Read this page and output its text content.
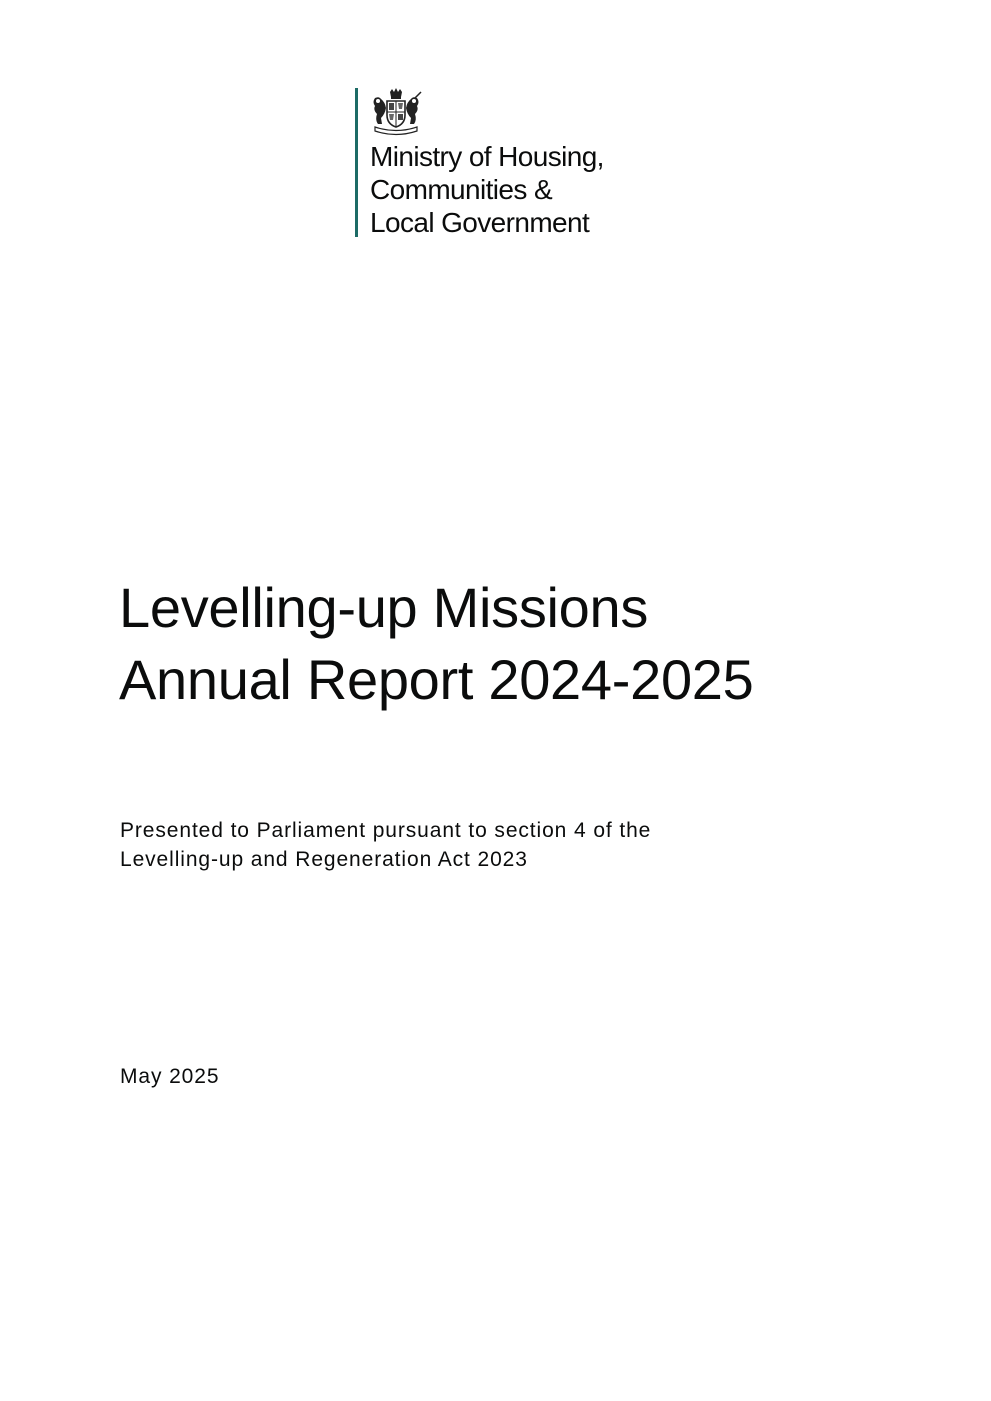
Ministry of Housing,
Communities &
Local Government
Levelling-up Missions
Annual Report 2024-2025
Presented to Parliament pursuant to section 4 of the
Levelling-up and Regeneration Act 2023
May 2025
